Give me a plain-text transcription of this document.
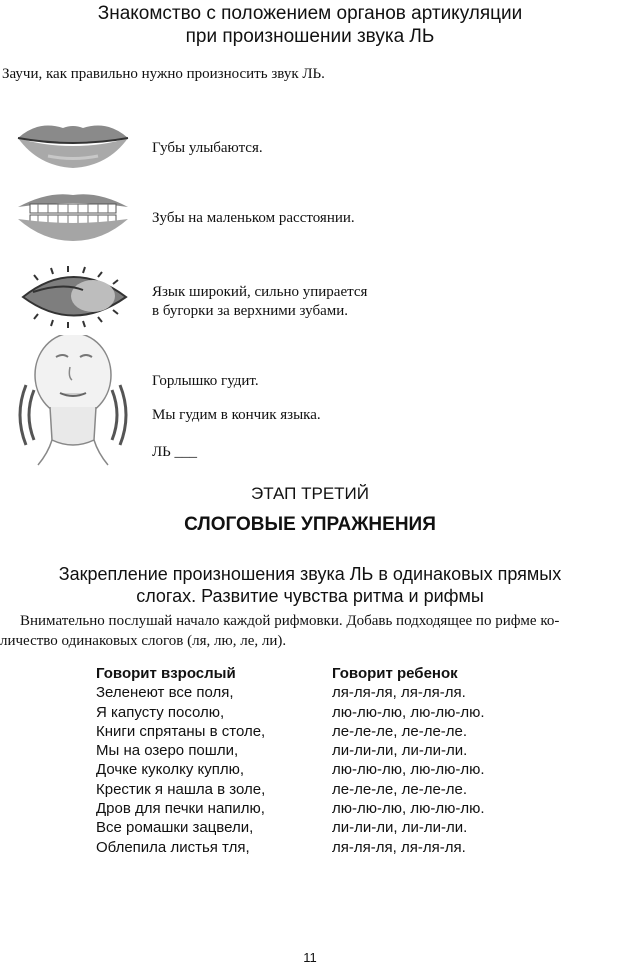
Знакомство с положением органов артикуляции
при произношении звука ЛЬ
Заучи, как правильно нужно произносить звук ЛЬ.
Губы улыбаются.
Зубы на маленьком расстоянии.
Язык широкий, сильно упирается
в бугорки за верхними зубами.
Горлышко гудит.
Мы гудим в кончик языка.
ЛЬ ___
ЭТАП ТРЕТИЙ
СЛОГОВЫЕ УПРАЖНЕНИЯ
Закрепление произношения звука ЛЬ в одинаковых прямых
слогах. Развитие чувства ритма и рифмы
Внимательно послушай начало каждой рифмовки. Добавь подходящее по рифме ко-
личество одинаковых слогов (ля, лю, ле, ли).
Говорит взрослый
Зеленеют все поля,
Я капусту посолю,
Книги спрятаны в столе,
Мы на озеро пошли,
Дочке куколку куплю,
Крестик я нашла в золе,
Дров для печки напилю,
Все ромашки зацвели,
Облепила листья тля,
Говорит ребенок
ля-ля-ля, ля-ля-ля.
лю-лю-лю, лю-лю-лю.
ле-ле-ле, ле-ле-ле.
ли-ли-ли, ли-ли-ли.
лю-лю-лю, лю-лю-лю.
ле-ле-ле, ле-ле-ле.
лю-лю-лю, лю-лю-лю.
ли-ли-ли, ли-ли-ли.
ля-ля-ля, ля-ля-ля.
11
